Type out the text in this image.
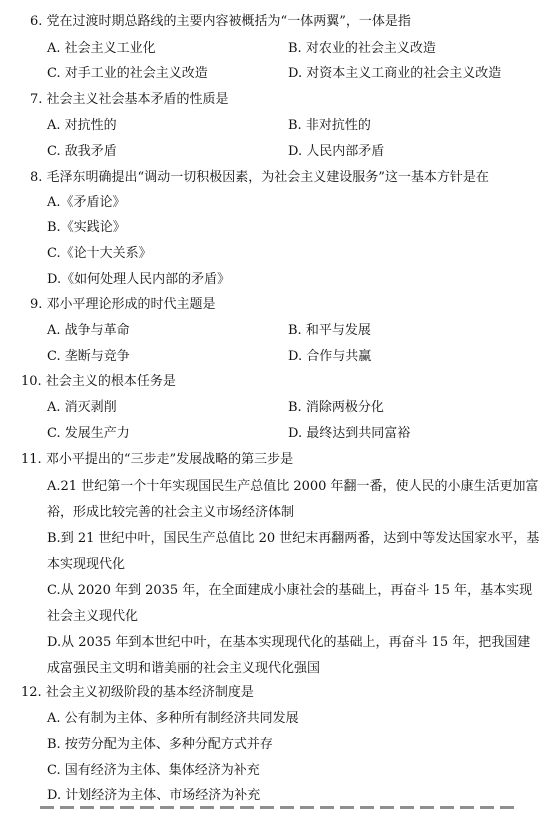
6. 党在过渡时期总路线的主要内容被概括为“一体两翼”，一体是指
A. 社会主义工业化	B. 对农业的社会主义改造
C. 对手工业的社会主义改造	D. 对资本主义工商业的社会主义改造
7. 社会主义社会基本矛盾的性质是
A. 对抗性的	B. 非对抗性的
C. 敌我矛盾	D. 人民内部矛盾
8. 毛泽东明确提出“调动一切积极因素，为社会主义建设服务”这一基本方针是在
A.《矛盾论》
B.《实践论》
C.《论十大关系》
D.《如何处理人民内部的矛盾》
9. 邓小平理论形成的时代主题是
A. 战争与革命	B. 和平与发展
C. 垄断与竞争	D. 合作与共赢
10. 社会主义的根本任务是
A. 消灭剥削	B. 消除两极分化
C. 发展生产力	D. 最终达到共同富裕
11. 邓小平提出的“三步走”发展战略的第三步是
A.21 世纪第一个十年实现国民生产总值比 2000 年翻一番，使人民的小康生活更加富裕，形成比较完善的社会主义市场经济体制
B.到 21 世纪中叶，国民生产总值比 20 世纪末再翻两番，达到中等发达国家水平，基本实现现代化
C.从 2020 年到 2035 年，在全面建成小康社会的基础上，再奋斗 15 年，基本实现社会主义现代化
D.从 2035 年到本世纪中叶，在基本实现现代化的基础上，再奋斗 15 年，把我国建成富强民主文明和谐美丽的社会主义现代化强国
12. 社会主义初级阶段的基本经济制度是
A. 公有制为主体、多种所有制经济共同发展
B. 按劳分配为主体、多种分配方式并存
C. 国有经济为主体、集体经济为补充
D. 计划经济为主体、市场经济为补充
